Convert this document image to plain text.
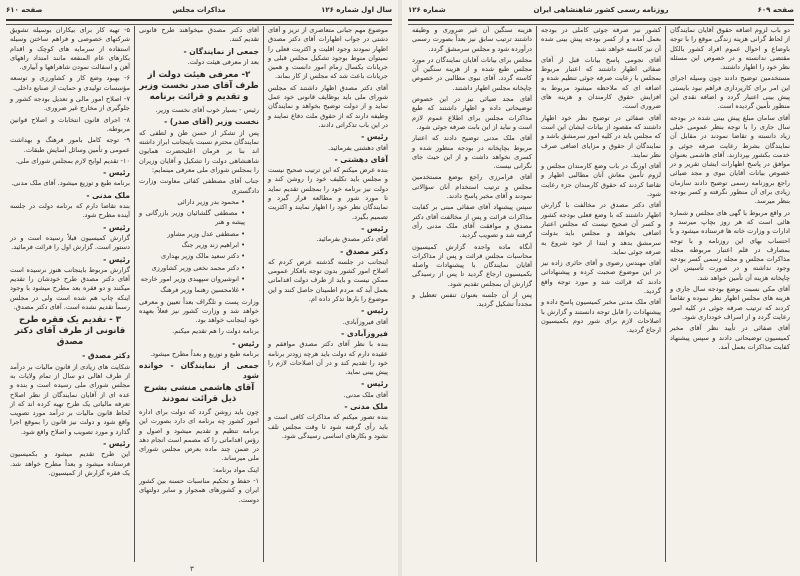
سال اول شماره ۱۲۶
مذاکرات مجلس
صفحه ۶۱۰

موضوع مهم جبانی متعاصری از تریز و آقای دشتی در جواب اظهارات آقای دکتر مصدق اظهار نمودند وجود اقلیت و اکثریت فعلی را نمیتوان منوط بوجود تشکیل مجلس قبلی و جریانات یکسال زمام امور دانست و همین جریانات باعث شد که مجلس از کار بماند.

آقای دکتر مصدق اظهار داشتند که مجلس شورای ملی باید بوظایف قانونی خود عمل نماید و از دولت توضیح بخواهد و نمایندگان وظیفه دارند که از حقوق ملت دفاع نمایند و در این باب تذکراتی دادند.

رئیس -

آقای دهشتی بفرمائید.

آقای دهشتی -

بنده عرض میکنم که این ترتیب صحیح نیست و مجلس باید تکلیف خود را روشن کند و دولت نیز برنامه خود را بمجلس تقدیم نماید تا مورد شور و مطالعه قرار گیرد و نمایندگان نظر خود را اظهار نمایند و اکثریت تصمیم بگیرد.

رئیس -

آقای دکتر مصدق بفرمائید.

دکتر مصدق -

اینجانب در جلسه گذشته عرض کردم که اصلاح امور کشور بدون توجه بافکار عمومی ممکن نیست و باید از طرف دولت اقداماتی بعمل آید که مردم اطمینان حاصل کنند و این موضوع را بارها تذکر داده ام.

رئیس -

آقای فیروزآبادی.

فیروزآبادی -

بنده با نظر آقای دکتر مصدق موافقم و عقیده دارم که دولت باید هرچه زودتر برنامه خود را تقدیم کند و در آن اصلاحات لازم را پیش بینی نماید.

رئیس -

آقای ملک مدنی.

ملک مدنی -

بنده تصور میکنم که مذاکرات کافی است و باید رأی گرفته شود تا وقت مجلس تلف نشود و بکارهای اساسی رسیدگی شود.

آقای دکتر مصدق میخواهند طرح قانونی تقدیم کنند.

جمعی از نمایندگان -

بعد از معرفی هیئت دولت.

۲- معرفی هیئت دولت از طرف آقای صدر نخست وزیر و تقدیم و قرائت برنامه

رئیس - بسیار خوب آقای نخست وزیر.

نخست وزیر (آقای صدر) -

پس از تشکر از حسن ظن و لطفی که نمایندگان محترم نسبت باینجانب ابراز داشته اند بنا بر فرمان اعلیحضرت همایون شاهنشاهی دولت را تشکیل و آقایان وزیران را بمجلس شورای ملی معرفی مینمایم:

جناب آقای مصطفی کفائی معاونت وزارت دادگستری

• محمود بدر وزیر دارائی

• مصطفی گلشائیان وزیر بازرگانی و پیشه و هنر

• مصطفی عدل وزیر مشاور

• ابراهیم زند وزیر جنگ

• دکتر سعید مالک وزیر بهداری

• دکتر محمد نخعی وزیر کشاورزی

• انوشیروان سپهبدی وزیر امور خارجه

• غلامحسین رهنما وزیر فرهنگ

وزارت پست و تلگراف بعداً تعیین و معرفی خواهد شد و وزارت کشور نیز فعلاً بعهده خود اینجانب خواهد بود.

برنامه دولت را هم تقدیم میکنم.

رئیس -

برنامه طبع و توزیع و بعداً مطرح میشود.

جمعی از نمایندگان - خوانده شود

آقای هاشمی منشی بشرح ذیل قرائت نمودند

چون باید روشن گردد که دولت برای اداره امور کشور چه برنامه ای دارد بصورت این برنامه تنظیم و تقدیم میشود و اصول و رؤس اقداماتی را که مصمم است انجام دهد در ضمن چند ماده بعرض مجلس شورای ملی میرساند.

اینک مواد برنامه:

۱- حفظ و تحکیم مناسبات حسنه بین کشور ایران و کشورهای همجوار و سایر دولتهای دوست.

۵- تهیه کار برای بیکاران بوسیله تشویق شرکتهای خصوصی و فراهم ساختن وسیله استفاده از سرمایه های کوچک و اقدام بکارهای عام المنفعه مانند امتداد راههای آهن و اسفالت نمودن شاهراهها و آبیاری.

۶- بهبود وضع کار و کشاورزی و توسعه مؤسسات تولیدی و حمایت از صنایع داخلی.

۷- اصلاح امور مالی و تعدیل بودجه کشور و جلوگیری از مخارج غیر ضروری.

۸- اجرای قانون انتخابات و اصلاح قوانین مربوطه.

۹- توجه کامل بامور فرهنگ و بهداشت عمومی و تأمین وسائل آسایش طبقات.

۱۰- تقدیم لوایح لازم بمجلس شورای ملی.

رئیس -

برنامه طبع و توزیع میشود. آقای ملک مدنی.

ملک مدنی -

بنده تقاضا دارم که برنامه دولت در جلسه آینده مطرح شود.

رئیس -

گزارش کمیسیون قبلاً رسیده است و در دستور است. گزارش اول را قرائت فرمائید.

رئیس -

گزارش مربوط باینجانب هنوز نرسیده است آقای دکتر مصدق طرح خودشان را تقدیم میکنند و دو فقره بعد مطرح میشود با وجود اینکه چاپ هم شده است ولی در مجلس رسماً تقدیم نشده است. آقای دکتر مصدق.

۳ - تقدیم یک فقره طرح قانونی از طرف آقای دکتر مصدق

دکتر مصدق -

شکایت های زیادی از قانون مالیات بر درآمد از طرف اهالی دو سال از تمام ولایات به مجلس شورای ملی رسیده است و بنده و عده ای از آقایان نمایندگان از نظر اصلاح تعرفه مالیاتی یک طرح تهیه کرده اند که از لحاظ قانون مالیات بر درآمد مورد تصویب واقع شود و دولت نیز قانون را بموقع اجرا گذارد و مورد تصویب و اصلاح واقع شود.

رئیس -

این طرح تقدیم میشود و بکمیسیون فرستاده میشود و بعداً مطرح خواهد شد. یک فقره گزارش از کمیسیون.

۳
صفحه ۶۰۹
روزنامه رسمی کشور شاهنشاهی ایران
شماره ۱۲۶

دو باب لزوم اضافه حقوق آقایان نمایندگان از لحاظ گرانی هزینه زندگی موقع را با توجه باوضاع و احوال عموم افراد کشور بالکل مقتضی ندانسته و در خصوص این مسئله نظر خود را اظهار داشتند.

مستخدمین توضیح دادند چون وسیله اجرای این امر برای کارپردازی فراهم نبود بایستی پیش بینی اعتبار گردد و اضافه نقدی این منظور تأمین گردیده است.

آقای سامان مبلغ پیش بینی شده در بودجه سال جاری را با توجه بنظر عمومی خیلی زیاد دانسته و تقاضا نمودند در مقابل آن نمایندگان بشرط رعایت صرفه جوئی و خدمت بکشور بپردازند. آقای هاشمی بعنوان موافق در پاسخ اظهارات ایشان تقریر و در خصوص بیانات آقایان نبوی و مجد ضیائی راجع بروزنامه رسمی توضیح دادند سازمان زیادی برای آن منظور نگرفته و کسر بودجه بنظر میرسد.

در واقع مربوط با گهی های مجلس و شماره هائی است که هر روز بچاپ میرسد و ادارات و وزارت خانه ها فرستاده میشود و با احتساب بهای این روزنامه و با توجه بمصارف در قلم اعتبار مربوطه مجله مذاکرات مجلس و مجله رسمی کسر بودجه وجود نداشته و در صورت تأسیس این چاپخانه هزینه آن تأمین خواهد شد.

آقای مکی نسبت بوضع بودجه سال جاری و هزینه های مجلس اظهار نظر نموده و تقاضا کردند که ترتیب صرفه جوئی در کلیه امور رعایت گردد و از اسراف خودداری شود.

آقای صفائی در تأیید نظر آقای مخبر کمیسیون توضیحاتی دادند و سپس پیشنهاد کفایت مذاکرات بعمل آمد.

کشور نیز صرفه جوئی کاملی در بودجه بعمل آمده و از کسر بودجه پیش بینی شده آن نیز کاسته خواهد شد.

آقای نجومی پاسخ بیانات قبل از آقای صفائی اظهار داشتند که اعتبار مربوط بمجلس با رعایت صرفه جوئی تنظیم شده و اضافه ای که ملاحظه میشود مربوط به افزایش حقوق کارمندان و هزینه های ضروری است.

آقای صفائی در توضیح نظر خود اظهار داشتند که مقصود از بیانات ایشان این است که مجلس باید در کلیه امور سرمشق باشد و نمایندگان از حقوق و مزایای اضافی صرف نظر نمایند.

آقای اورنگ در باب وضع کارمندان مجلس و لزوم تأمین معاش آنان مطالبی اظهار و تقاضا کردند که حقوق کارمندان جزء رعایت شود.

آقای دکتر مصدق در مخالفت با گزارش اظهار داشتند که با وضع فعلی بودجه کشور و کسر آن صحیح نیست که مجلس اعتبار اضافی بخواهد و مجلس باید بدولت سرمشق بدهد و ابتدا از خود شروع به صرفه جوئی نماید.

آقای مهندس رضوی و آقای حائری زاده نیز در این موضوع صحبت کرده و پیشنهاداتی دادند که قرائت شد و مورد توجه واقع گردید.

آقای ملک مدنی مخبر کمیسیون پاسخ داده و پیشنهادات را قابل توجه دانستند و گزارش با اصلاحات لازم برای شور دوم بکمیسیون ارجاع گردید.

هزینه سنگین آن غیر ضروری و وظیفه داشتند ترتیب سابق نیز بعداً بصورت رسمی درآورده شود و مجلس سرمشق گردد.

مجلس برای بیانات آقایان نمایندگان در مورد مجلس طبع شده و از هزینه سنگین آن کاسته گردد. آقای نبوی مطالبی در خصوص چاپخانه مجلس اظهار داشتند.

آقای مجد ضیائی نیز در این خصوص توضیحاتی داده و اظهار داشتند که طبع مذاکرات مجلس برای اطلاع عموم لازم است و نباید از این بابت صرفه جوئی شود.

آقای ملک مدنی توضیح دادند که اعتبار مربوط بچاپخانه در بودجه منظور شده و کسری نخواهد داشت و از این حیث جای نگرانی نیست.

آقای فرامرزی راجع بوضع مستخدمین مجلس و ترتیب استخدام آنان سؤالاتی نمودند و آقای مخبر پاسخ دادند.

سپس پیشنهاد آقای صفائی مبنی بر کفایت مذاکرات قرائت و پس از مخالفت آقای دکتر مصدق و موافقت آقای ملک مدنی رأی گرفته شد و تصویب گردید.

آنگاه ماده واحده گزارش کمیسیون محاسبات مجلس قرائت و پس از مذاکرات آقایان نمایندگان با پیشنهادات واصله بکمیسیون ارجاع گردید تا پس از رسیدگی گزارش آن بمجلس تقدیم شود.

پس از آن جلسه بعنوان تنفس تعطیل و مجدداً تشکیل گردید.
